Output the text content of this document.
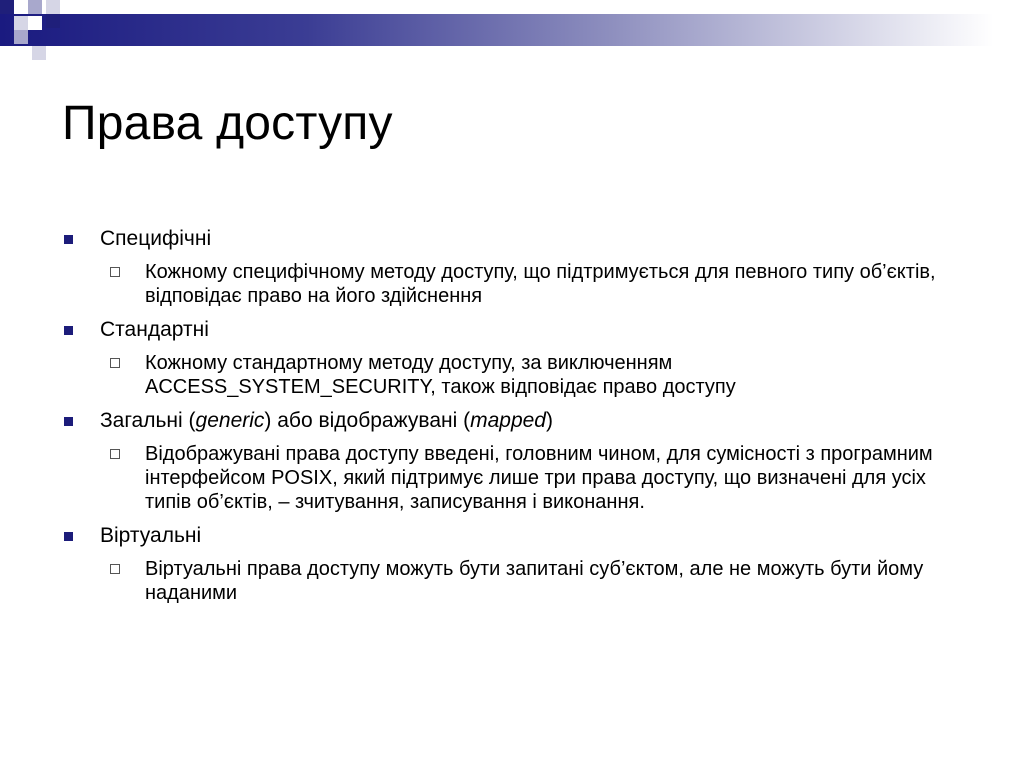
Права доступу
Специфічні
Кожному специфічному методу доступу, що підтримується для певного типу об’єктів, відповідає право на його здійснення
Стандартні
Кожному стандартному методу доступу, за виключенням ACCESS_SYSTEM_SECURITY, також відповідає право доступу
Загальні (generic) або відображувані (mapped)
Відображувані права доступу введені, головним чином, для сумісності з програмним інтерфейсом POSIX, який підтримує лише три права доступу, що визначені для усіх типів об’єктів, – зчитування, записування і виконання.
Віртуальні
Віртуальні права доступу можуть бути запитані суб’єктом, але не можуть бути йому наданими
